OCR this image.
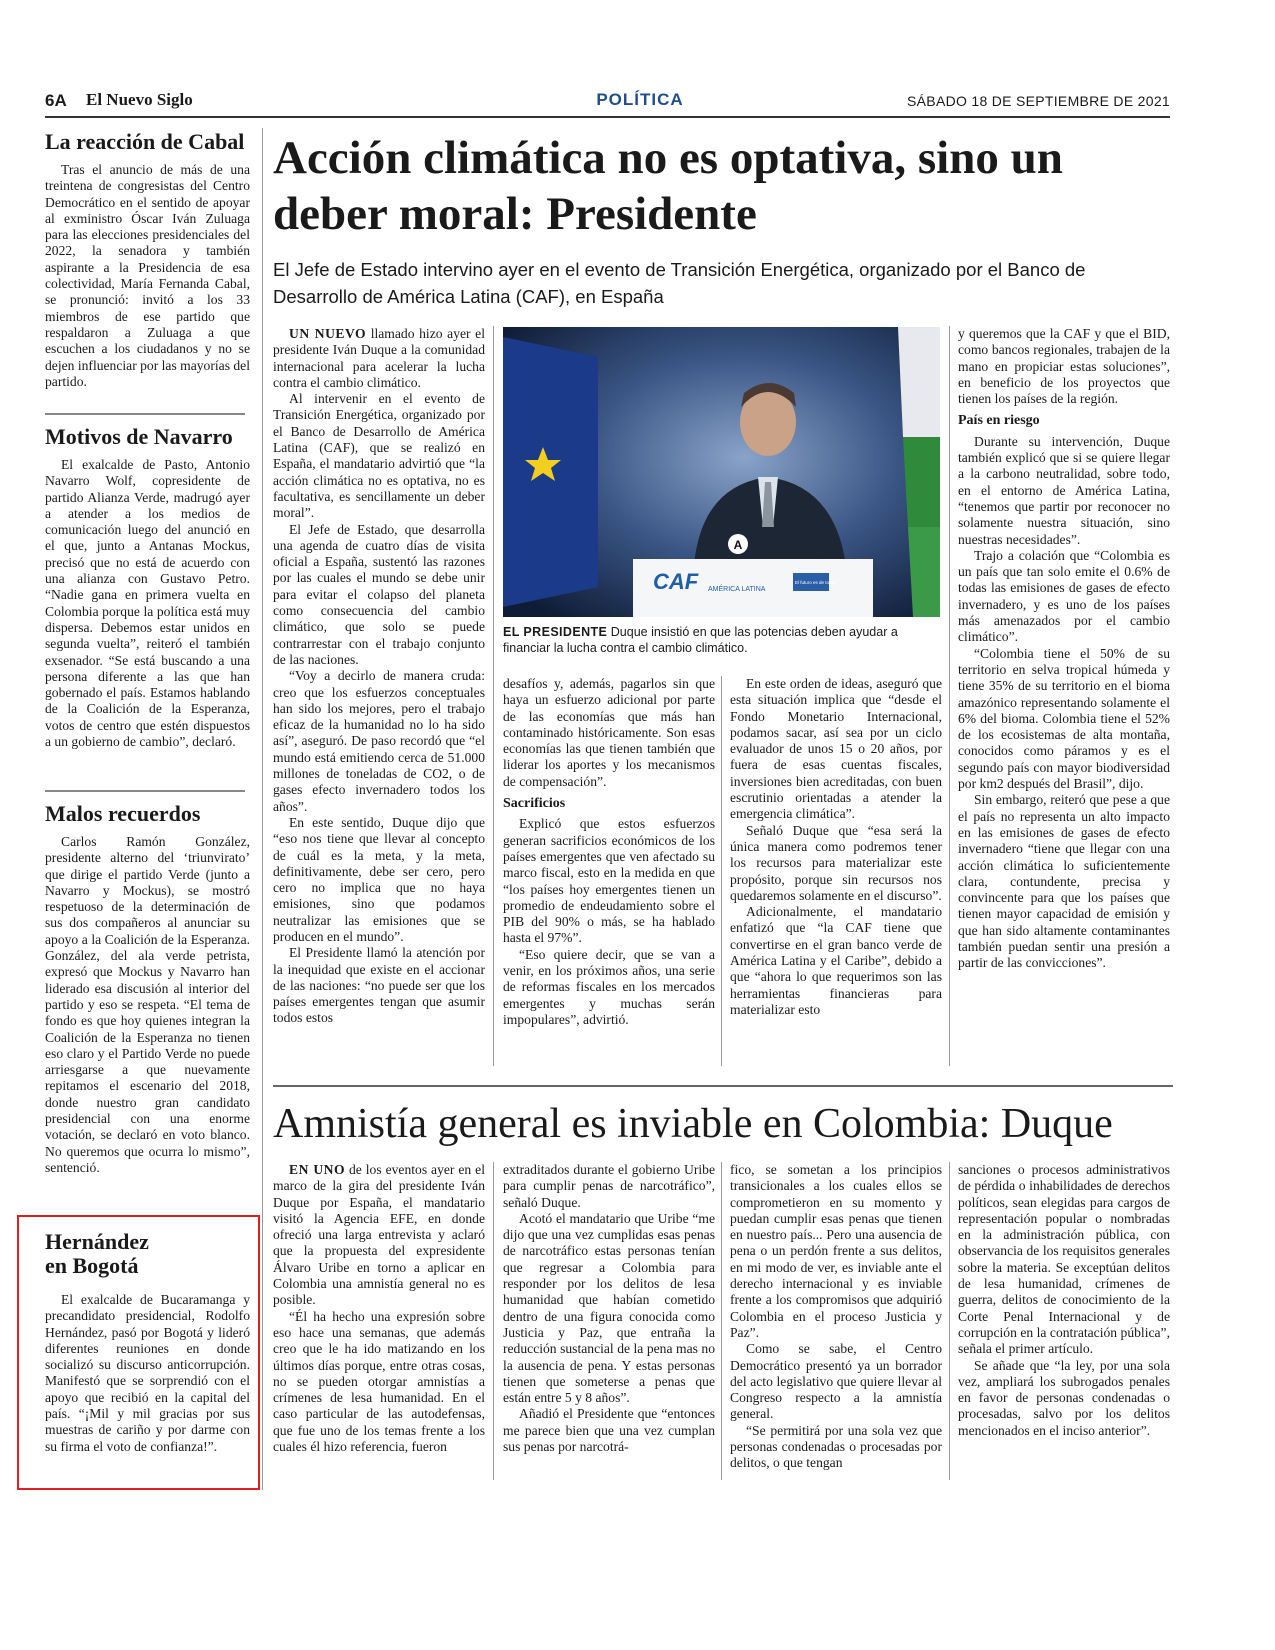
6A El Nuevo Siglo	POLÍTICA	SÁBADO 18 DE SEPTIEMBRE DE 2021
La reacción de Cabal

Tras el anuncio de más de una treintena de congresistas del Centro Democrático en el sentido de apoyar al exministro Óscar Iván Zuluaga para las elecciones presidenciales del 2022, la senadora y también aspirante a la Presidencia de esa colectividad, María Fernanda Cabal, se pronunció: invitó a los 33 miembros de ese partido que respaldaron a Zuluaga a que escuchen a los ciudadanos y no se dejen influenciar por las mayorías del partido.

Motivos de Navarro

El exalcalde de Pasto, Antonio Navarro Wolf, copresidente de partido Alianza Verde, madrugó ayer a atender a los medios de comunicación luego del anunció en el que, junto a Antanas Mockus, precisó que no está de acuerdo con una alianza con Gustavo Petro. “Nadie gana en primera vuelta en Colombia porque la política está muy dispersa. Debemos estar unidos en segunda vuelta”, reiteró el también exsenador. “Se está buscando a una persona diferente a las que han gobernado el país. Estamos hablando de la Coalición de la Esperanza, votos de centro que estén dispuestos a un gobierno de cambio”, declaró.

Malos recuerdos

Carlos Ramón González, presidente alterno del ‘triunvirato’ que dirige el partido Verde (junto a Navarro y Mockus), se mostró respetuoso de la determinación de sus dos compañeros al anunciar su apoyo a la Coalición de la Esperanza. González, del ala verde petrista, expresó que Mockus y Navarro han liderado esa discusión al interior del partido y eso se respeta. “El tema de fondo es que hoy quienes integran la Coalición de la Esperanza no tienen eso claro y el Partido Verde no puede arriesgarse a que nuevamente repitamos el escenario del 2018, donde nuestro gran candidato presidencial con una enorme votación, se declaró en voto blanco. No queremos que ocurra lo mismo”, sentenció.

Hernández en Bogotá

El exalcalde de Bucaramanga y precandidato presidencial, Rodolfo Hernández, pasó por Bogotá y lideró diferentes reuniones en donde socializó su discurso anticorrupción. Manifestó que se sorprendió con el apoyo que recibió en la capital del país. “¡Mil y mil gracias por sus muestras de cariño y por darme con su firma el voto de confianza!”.

Acción climática no es optativa, sino un deber moral: Presidente
El Jefe de Estado intervino ayer en el evento de Transición Energética, organizado por el Banco de Desarrollo de América Latina (CAF), en España

UN NUEVO llamado hizo ayer el presidente Iván Duque a la comunidad internacional para acelerar la lucha contra el cambio climático.

Al intervenir en el evento de Transición Energética, organizado por el Banco de Desarrollo de América Latina (CAF), que se realizó en España, el mandatario advirtió que “la acción climática no es optativa, no es facultativa, es sencillamente un deber moral”.

El Jefe de Estado, que desarrolla una agenda de cuatro días de visita oficial a España, sustentó las razones por las cuales el mundo se debe unir para evitar el colapso del planeta como consecuencia del cambio climático, que solo se puede contrarrestar con el trabajo conjunto de las naciones.

“Voy a decirlo de manera cruda: creo que los esfuerzos conceptuales han sido los mejores, pero el trabajo eficaz de la humanidad no lo ha sido así”, aseguró. De paso recordó que “el mundo está emitiendo cerca de 51.000 millones de toneladas de CO2, o de gases efecto invernadero todos los años”.

En este sentido, Duque dijo que “eso nos tiene que llevar al concepto de cuál es la meta, y la meta, definitivamente, debe ser cero, pero cero no implica que no haya emisiones, sino que podamos neutralizar las emisiones que se producen en el mundo”.

El Presidente llamó la atención por la inequidad que existe en el accionar de las naciones: “no puede ser que los países emergentes tengan que asumir todos estos

A
CAF AMÉRICA LATINA
El futuro es de todos
EL PRESIDENTE Duque insistió en que las potencias deben ayudar a financiar la lucha contra el cambio climático.

desafíos y, además, pagarlos sin que haya un esfuerzo adicional por parte de las economías que más han contaminado históricamente. Son esas economías las que tienen también que liderar los aportes y los mecanismos de compensación”.

Sacrificios

Explicó que estos esfuerzos generan sacrificios económicos de los países emergentes que ven afectado su marco fiscal, esto en la medida en que “los países hoy emergentes tienen un promedio de endeudamiento sobre el PIB del 90% o más, se ha hablado hasta el 97%”.

“Eso quiere decir, que se van a venir, en los próximos años, una serie de reformas fiscales en los mercados emergentes y muchas serán impopulares”, advirtió.

En este orden de ideas, aseguró que esta situación implica que “desde el Fondo Monetario Internacional, podamos sacar, así sea por un ciclo evaluador de unos 15 o 20 años, por fuera de esas cuentas fiscales, inversiones bien acreditadas, con buen escrutinio orientadas a atender la emergencia climática”.

Señaló Duque que “esa será la única manera como podremos tener los recursos para materializar este propósito, porque sin recursos nos quedaremos solamente en el discurso”.

Adicionalmente, el mandatario enfatizó que “la CAF tiene que convertirse en el gran banco verde de América Latina y el Caribe”, debido a que “ahora lo que requerimos son las herramientas financieras para materializar esto

y queremos que la CAF y que el BID, como bancos regionales, trabajen de la mano en propiciar estas soluciones”, en beneficio de los proyectos que tienen los países de la región.

País en riesgo

Durante su intervención, Duque también explicó que si se quiere llegar a la carbono neutralidad, sobre todo, en el entorno de América Latina, “tenemos que partir por reconocer no solamente nuestra situación, sino nuestras necesidades”.

Trajo a colación que “Colombia es un país que tan solo emite el 0.6% de todas las emisiones de gases de efecto invernadero, y es uno de los países más amenazados por el cambio climático”.

“Colombia tiene el 50% de su territorio en selva tropical húmeda y tiene 35% de su territorio en el bioma amazónico representando solamente el 6% del bioma. Colombia tiene el 52% de los ecosistemas de alta montaña, conocidos como páramos y es el segundo país con mayor biodiversidad por km2 después del Brasil”, dijo.

Sin embargo, reiteró que pese a que el país no representa un alto impacto en las emisiones de gases de efecto invernadero “tiene que llegar con una acción climática lo suficientemente clara, contundente, precisa y convincente para que los países que tienen mayor capacidad de emisión y que han sido altamente contaminantes también puedan sentir una presión a partir de las convicciones”.

Amnistía general es inviable en Colombia: Duque

EN UNO de los eventos ayer en el marco de la gira del presidente Iván Duque por España, el mandatario visitó la Agencia EFE, en donde ofreció una larga entrevista y aclaró que la propuesta del expresidente Álvaro Uribe en torno a aplicar en Colombia una amnistía general no es posible.

“Él ha hecho una expresión sobre eso hace una semanas, que además creo que le ha ido matizando en los últimos días porque, entre otras cosas, no se pueden otorgar amnistías a crímenes de lesa humanidad. En el caso particular de las autodefensas, que fue uno de los temas frente a los cuales él hizo referencia, fueron

extraditados durante el gobierno Uribe para cumplir penas de narcotráfico”, señaló Duque.

Acotó el mandatario que Uribe “me dijo que una vez cumplidas esas penas de narcotráfico estas personas tenían que regresar a Colombia para responder por los delitos de lesa humanidad que habían cometido dentro de una figura conocida como Justicia y Paz, que entraña la reducción sustancial de la pena mas no la ausencia de pena. Y estas personas tienen que someterse a penas que están entre 5 y 8 años”.

Añadió el Presidente que “entonces me parece bien que una vez cumplan sus penas por narcotrá-

fico, se sometan a los principios transicionales a los cuales ellos se comprometieron en su momento y puedan cumplir esas penas que tienen en nuestro país... Pero una ausencia de pena o un perdón frente a sus delitos, en mi modo de ver, es inviable ante el derecho internacional y es inviable frente a los compromisos que adquirió Colombia en el proceso Justicia y Paz”.

Como se sabe, el Centro Democrático presentó ya un borrador del acto legislativo que quiere llevar al Congreso respecto a la amnistía general.

“Se permitirá por una sola vez que personas condenadas o procesadas por delitos, o que tengan

sanciones o procesos administrativos de pérdida o inhabilidades de derechos políticos, sean elegidas para cargos de representación popular o nombradas en la administración pública, con observancia de los requisitos generales sobre la materia. Se exceptúan delitos de lesa humanidad, crímenes de guerra, delitos de conocimiento de la Corte Penal Internacional y de corrupción en la contratación pública”, señala el primer artículo.

Se añade que “la ley, por una sola vez, ampliará los subrogados penales en favor de personas condenadas o procesadas, salvo por los delitos mencionados en el inciso anterior”.
